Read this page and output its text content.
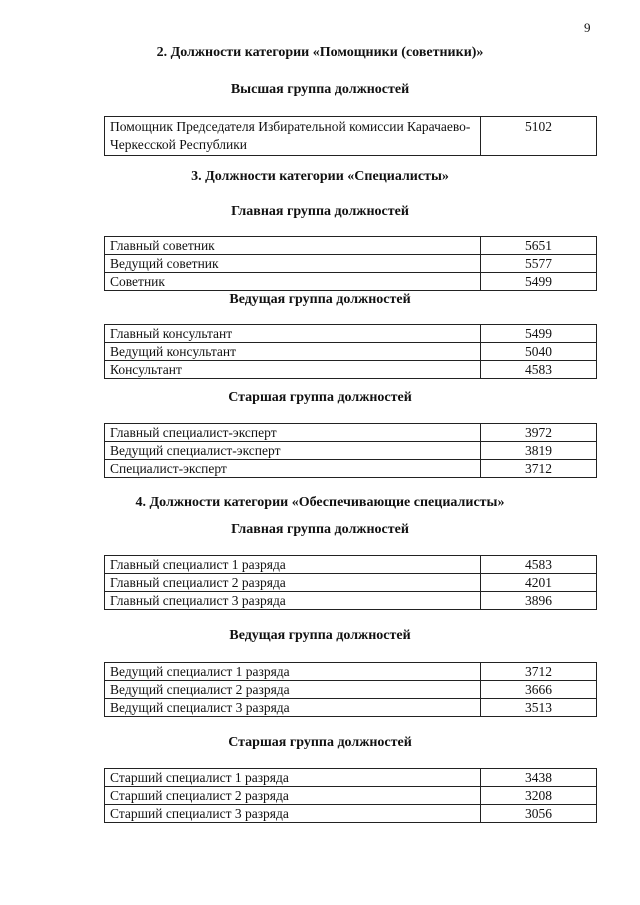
9
2. Должности категории «Помощники (советники)»
Высшая группа должностей
Помощник Председателя Избирательной комиссии Карачаево-Черкесской Республики	5102
3. Должности категории «Специалисты»
Главная группа должностей
Главный советник	5651
Ведущий советник	5577
Советник	5499
Ведущая группа должностей
Главный консультант	5499
Ведущий консультант	5040
Консультант	4583
Старшая группа должностей
Главный специалист-эксперт	3972
Ведущий специалист-эксперт	3819
Специалист-эксперт	3712
4. Должности категории «Обеспечивающие специалисты»
Главная группа должностей
Главный специалист 1 разряда	4583
Главный специалист 2 разряда	4201
Главный специалист 3 разряда	3896
Ведущая группа должностей
Ведущий специалист 1 разряда	3712
Ведущий специалист 2 разряда	3666
Ведущий специалист 3 разряда	3513
Старшая группа должностей
Старший специалист 1 разряда	3438
Старший специалист 2 разряда	3208
Старший специалист 3 разряда	3056
